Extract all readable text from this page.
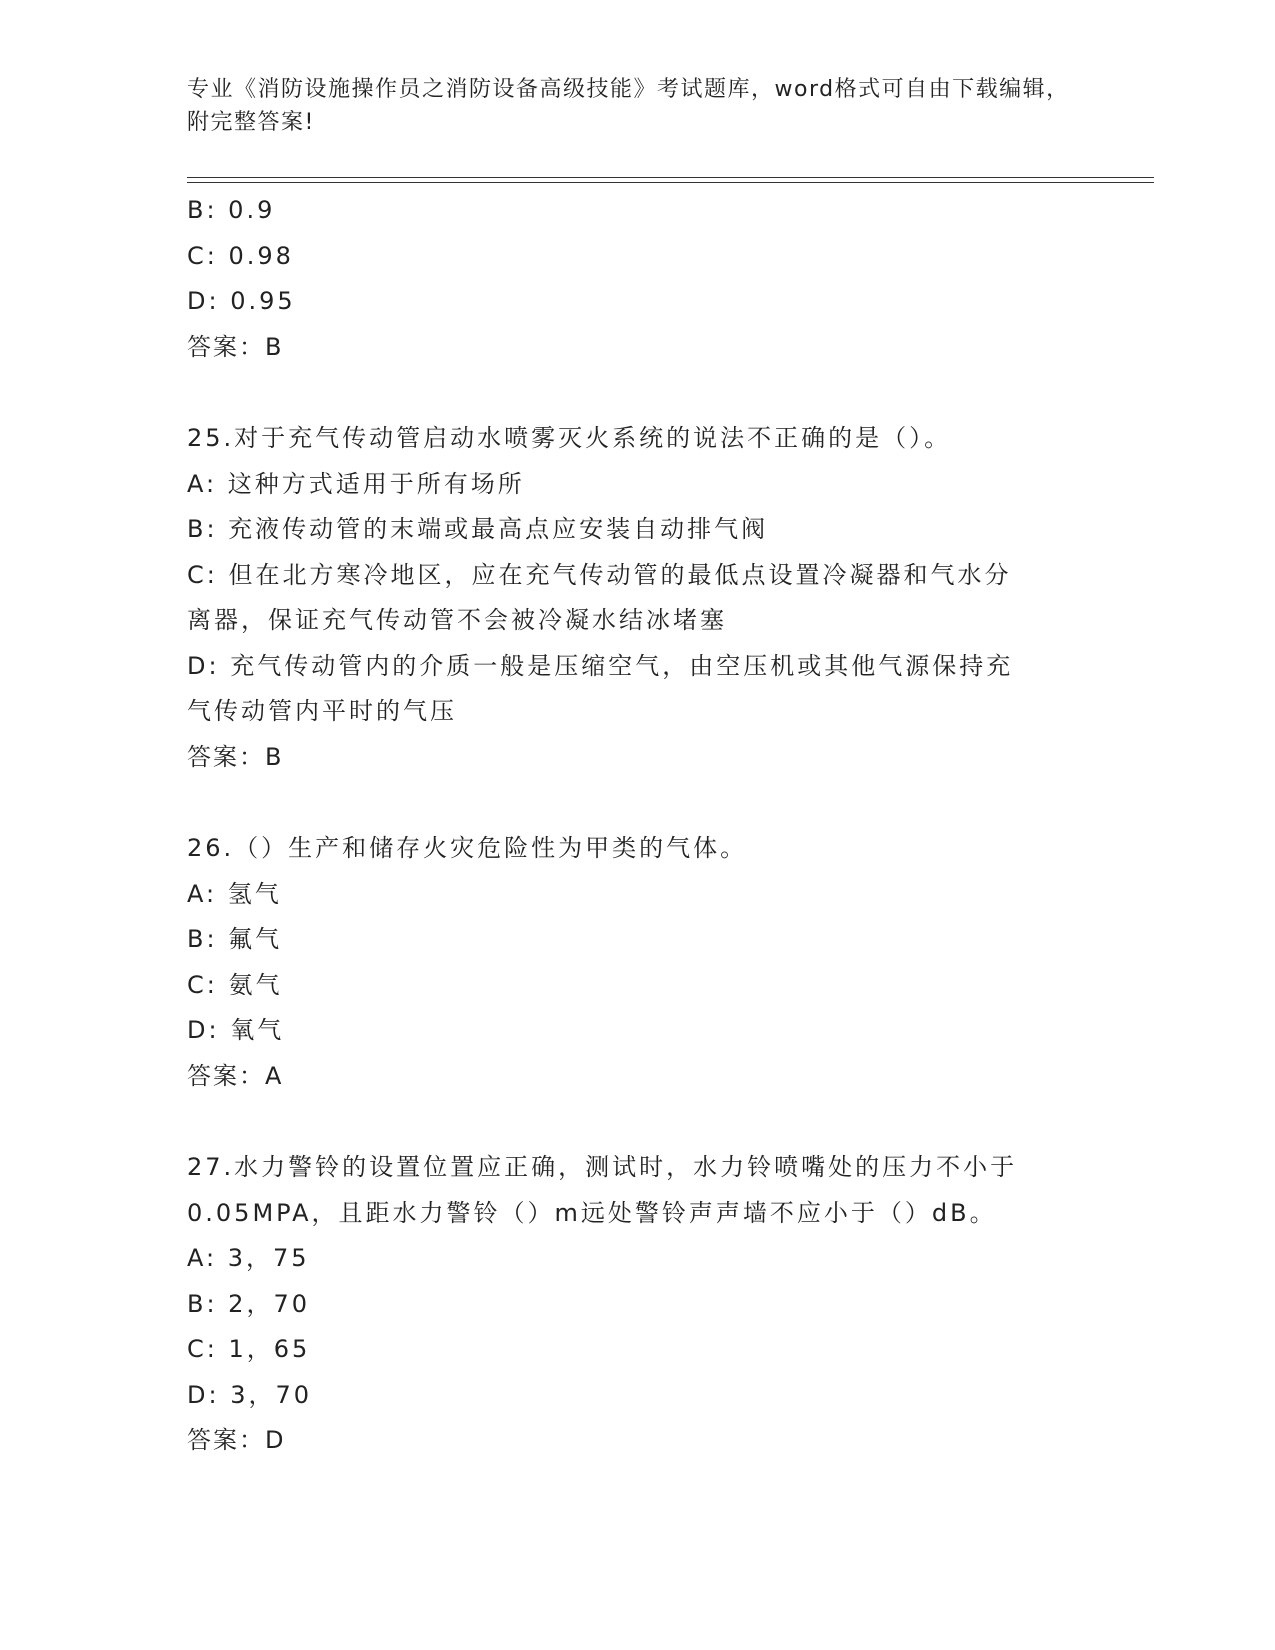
专业《消防设施操作员之消防设备高级技能》考试题库，word格式可自由下载编辑，附完整答案!
B: 0.9
C: 0.98
D: 0.95
答案：B
25.对于充气传动管启动水喷雾灭火系统的说法不正确的是（）。
A: 这种方式适用于所有场所
B: 充液传动管的末端或最高点应安装自动排气阀
C: 但在北方寒冷地区，应在充气传动管的最低点设置冷凝器和气水分
离器，保证充气传动管不会被冷凝水结冰堵塞
D: 充气传动管内的介质一般是压缩空气，由空压机或其他气源保持充
气传动管内平时的气压
答案：B
26.（）生产和储存火灾危险性为甲类的气体。
A: 氢气
B: 氟气
C: 氨气
D: 氧气
答案：A
27.水力警铃的设置位置应正确，测试时，水力铃喷嘴处的压力不小于
0.05MPA，且距水力警铃（）m远处警铃声声墙不应小于（）dB。
A: 3，75
B: 2，70
C: 1，65
D: 3，70
答案：D
